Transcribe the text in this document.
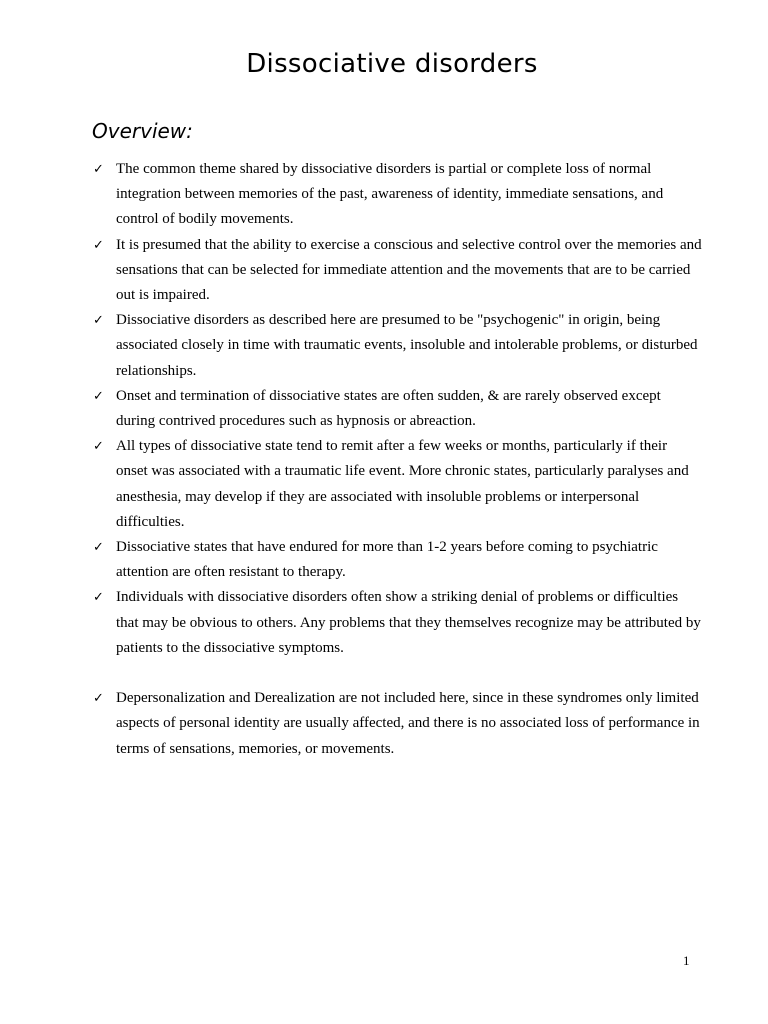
Dissociative disorders
Overview:
✓ The common theme shared by dissociative disorders is partial or complete loss of normal integration between memories of the past, awareness of identity, immediate sensations, and control of bodily movements.
✓ It is presumed that the ability to exercise a conscious and selective control over the memories and sensations that can be selected for immediate attention and the movements that are to be carried out is impaired.
✓ Dissociative disorders as described here are presumed to be "psychogenic" in origin, being associated closely in time with traumatic events, insoluble and intolerable problems, or disturbed relationships.
✓ Onset and termination of dissociative states are often sudden, & are rarely observed except during contrived procedures such as hypnosis or abreaction.
✓ All types of dissociative state tend to remit after a few weeks or months, particularly if their onset was associated with a traumatic life event. More chronic states, particularly paralyses and anesthesia, may develop if they are associated with insoluble problems or interpersonal difficulties.
✓ Dissociative states that have endured for more than 1-2 years before coming to psychiatric attention are often resistant to therapy.
✓ Individuals with dissociative disorders often show a striking denial of problems or difficulties that may be obvious to others. Any problems that they themselves recognize may be attributed by patients to the dissociative symptoms.
✓ Depersonalization and Derealization are not included here, since in these syndromes only limited aspects of personal identity are usually affected, and there is no associated loss of performance in terms of sensations, memories, or movements.
1
